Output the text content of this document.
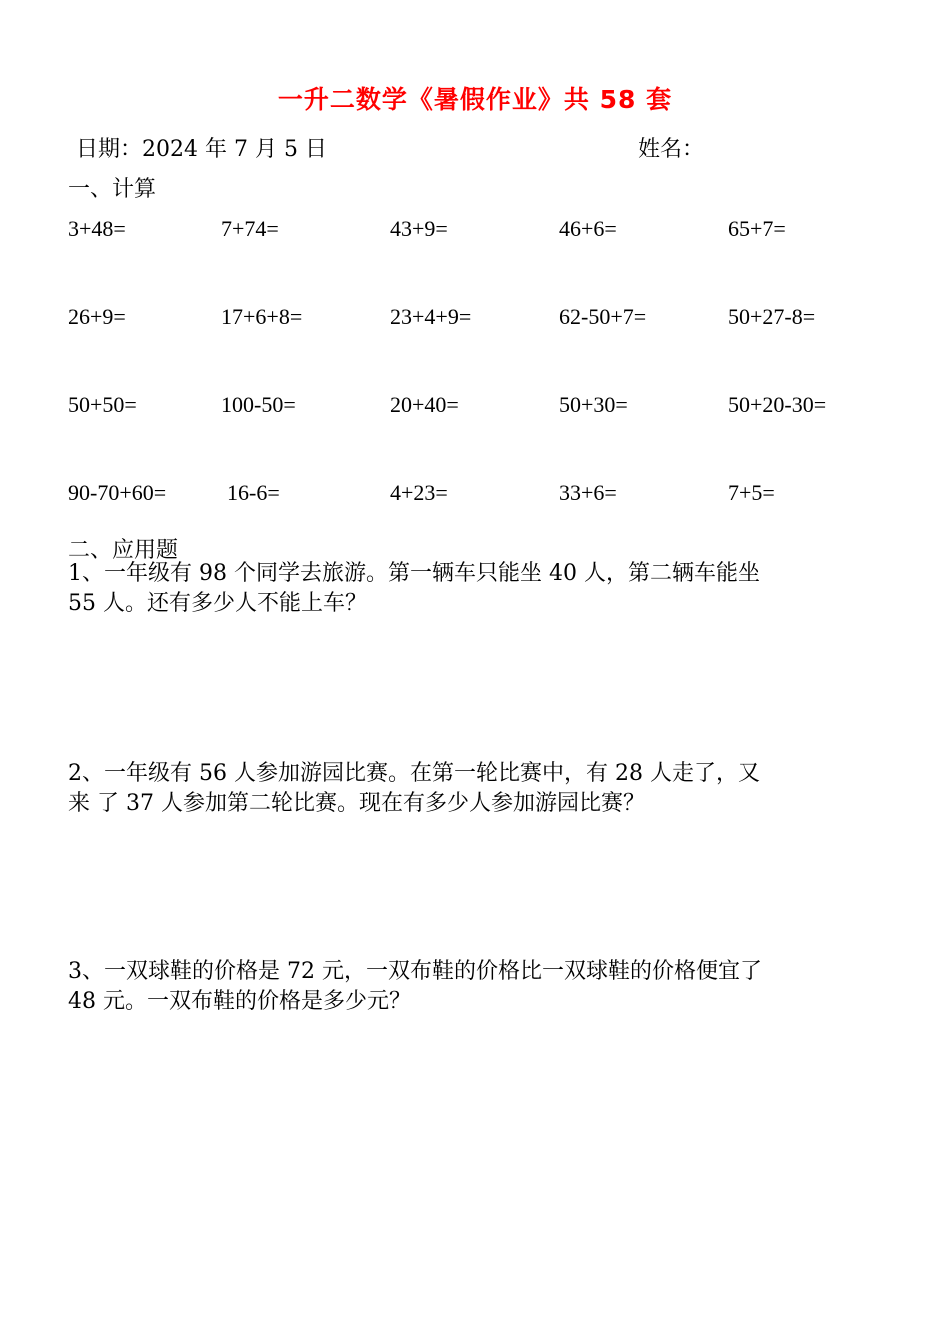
一升二数学《暑假作业》共 58 套
日期：2024 年 7 月 5 日	姓名：
一、计算
3+48=	7+74=	43+9=	46+6=	65+7=
26+9=	17+6+8=	23+4+9=	62-50+7=	50+27-8=
50+50=	100-50=	20+40=	50+30=	50+20-30=
90-70+60=	16-6=	4+23=	33+6=	7+5=
二、应用题

1、一年级有 98 个同学去旅游。第一辆车只能坐 40 人，第二辆车能坐

55 人。还有多少人不能上车？

2、一年级有 56 人参加游园比赛。在第一轮比赛中，有 28 人走了，又

来 了 37 人参加第二轮比赛。现在有多少人参加游园比赛？

3、一双球鞋的价格是 72 元，一双布鞋的价格比一双球鞋的价格便宜了

48 元。一双布鞋的价格是多少元？
